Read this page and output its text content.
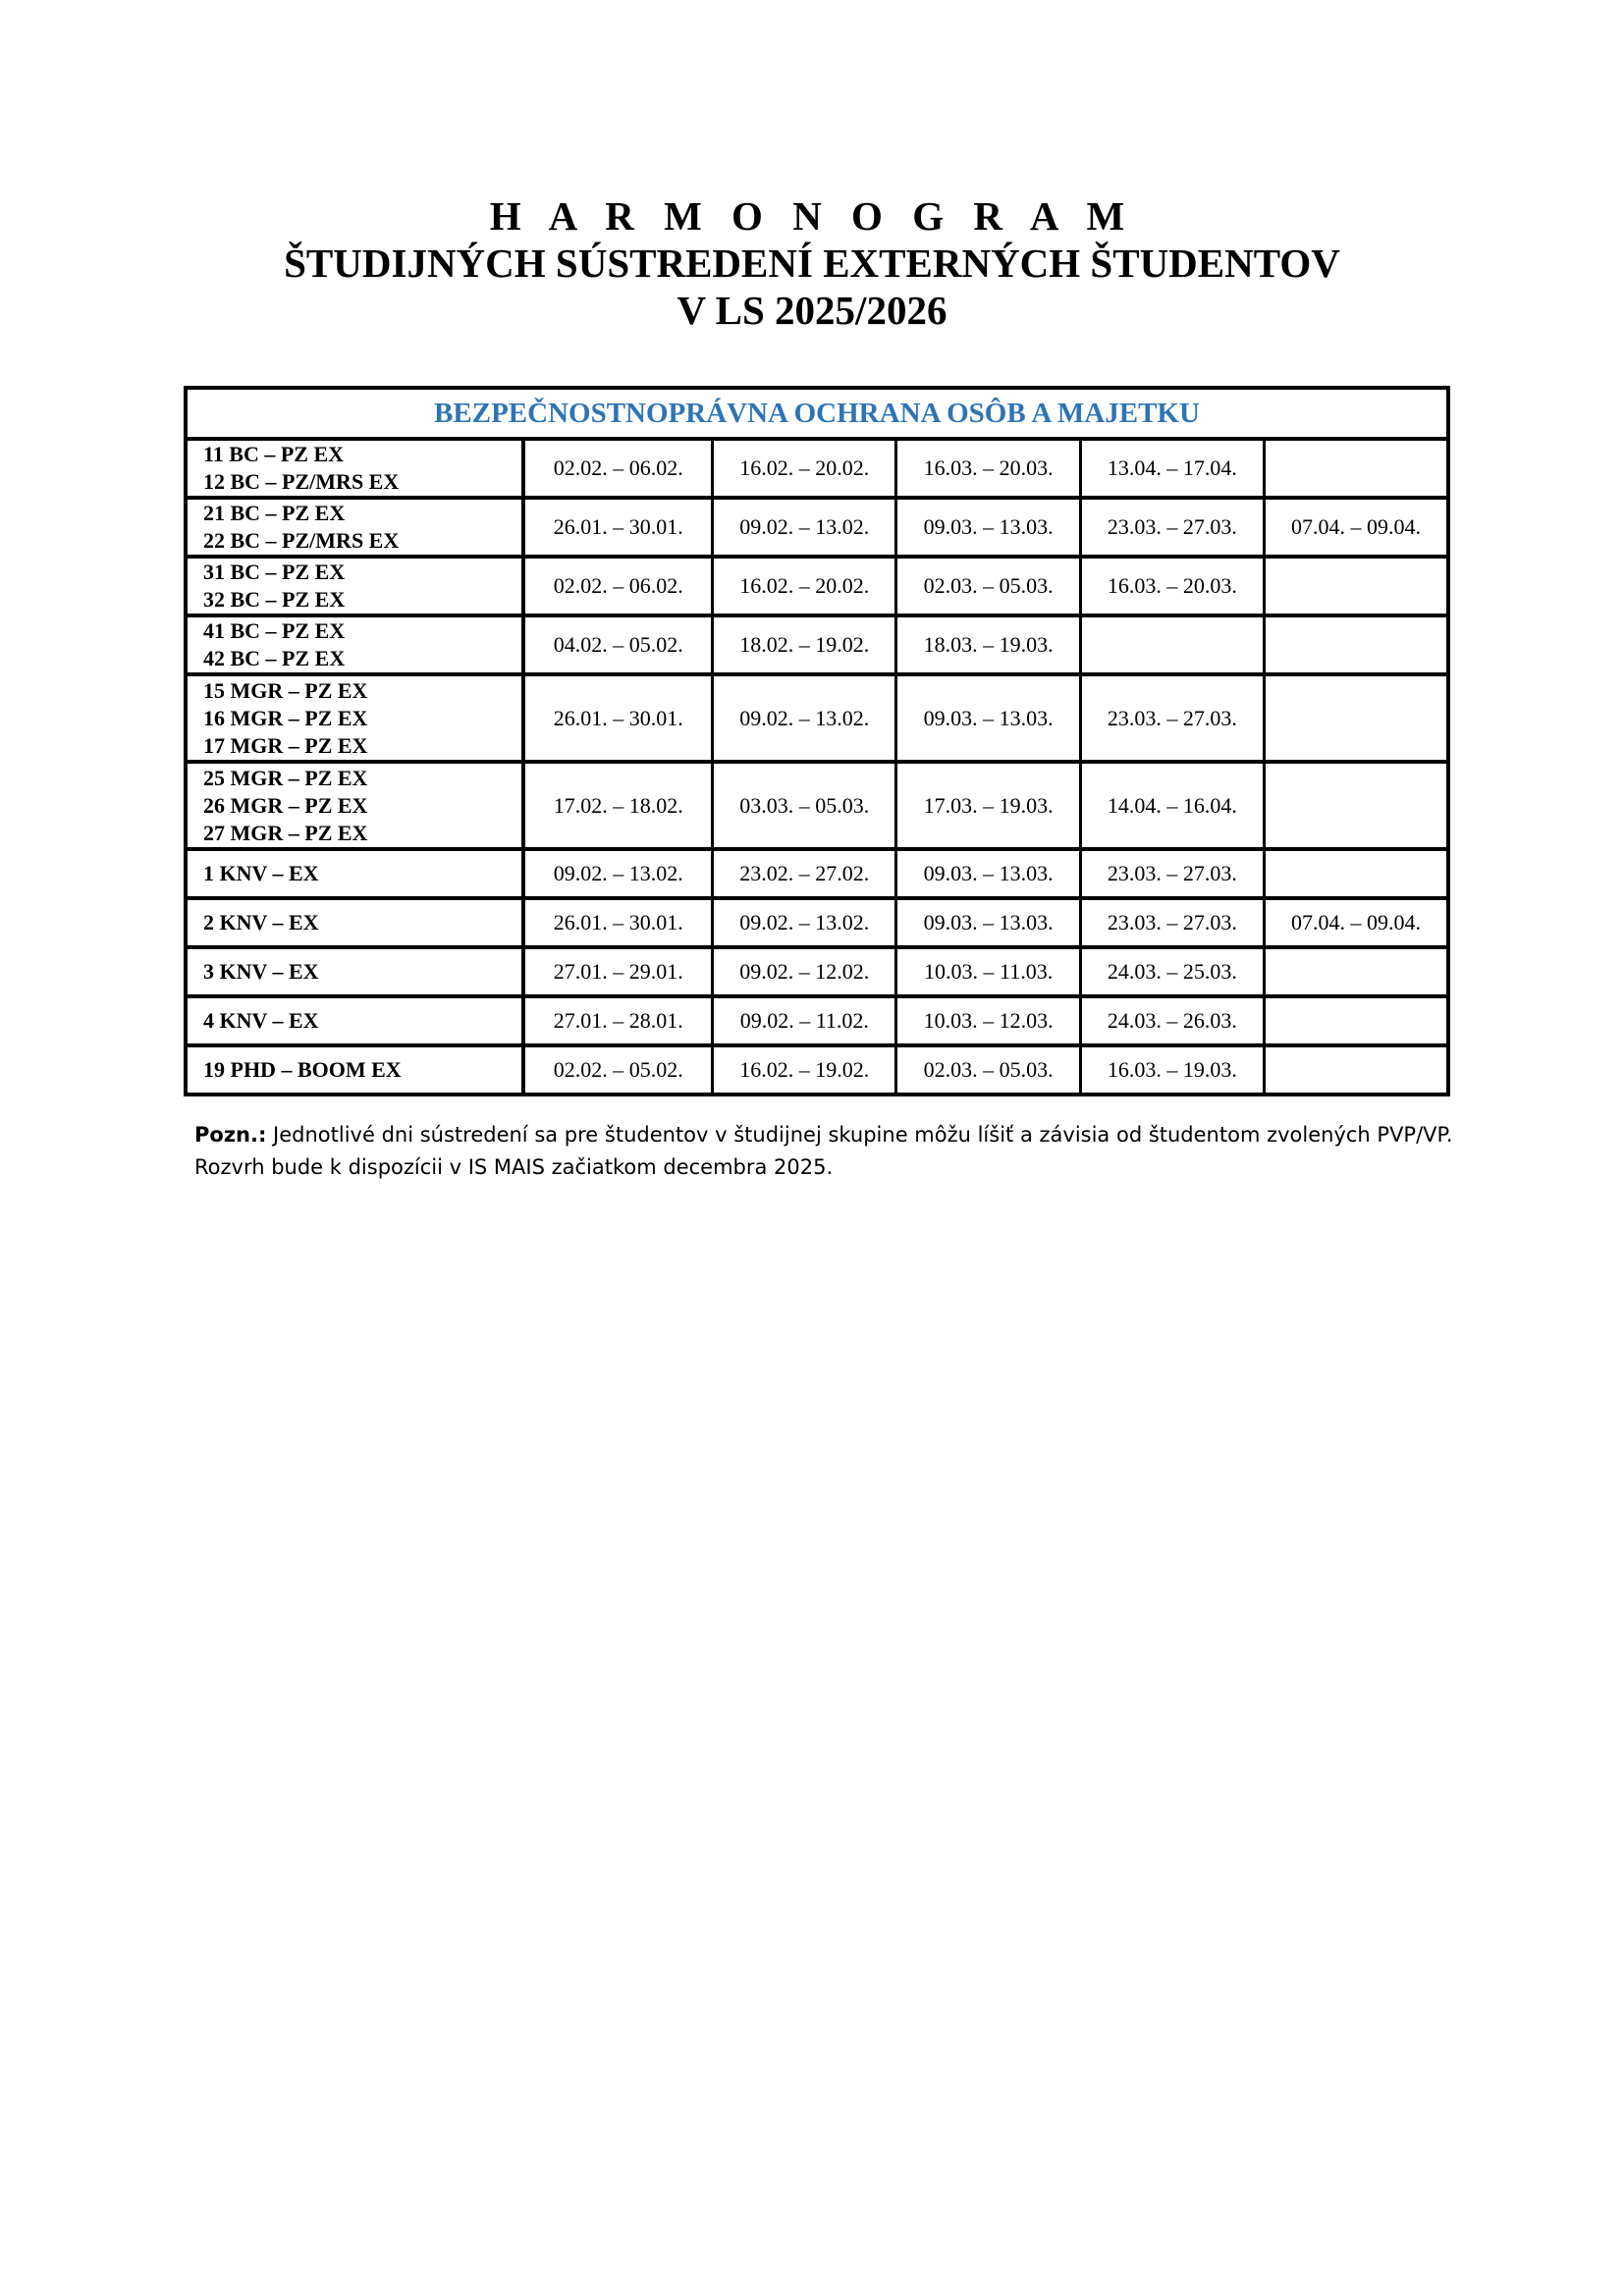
H A R M O N O G R A M
ŠTUDIJNÝCH SÚSTREDENÍ EXTERNÝCH ŠTUDENTOV
V LS 2025/2026
BEZPEČNOSTNOPRÁVNA OCHRANA OSÔB A MAJETKU					

11 BC – PZ EX
12 BC – PZ/MRS EX	02.02. – 06.02.	16.02. – 20.02.	16.03. – 20.03.	13.04. – 17.04.	

21 BC – PZ EX
22 BC – PZ/MRS EX	26.01. – 30.01.	09.02. – 13.02.	09.03. – 13.03.	23.03. – 27.03.	07.04. – 09.04.

31 BC – PZ EX
32 BC – PZ EX	02.02. – 06.02.	16.02. – 20.02.	02.03. – 05.03.	16.03. – 20.03.	

41 BC – PZ EX
42 BC – PZ EX	04.02. – 05.02.	18.02. – 19.02.	18.03. – 19.03.		

15 MGR – PZ EX
16 MGR – PZ EX
17 MGR – PZ EX	26.01. – 30.01.	09.02. – 13.02.	09.03. – 13.03.	23.03. – 27.03.	

25 MGR – PZ EX
26 MGR – PZ EX
27 MGR – PZ EX	17.02. – 18.02.	03.03. – 05.03.	17.03. – 19.03.	14.04. – 16.04.	

1 KNV – EX	09.02. – 13.02.	23.02. – 27.02.	09.03. – 13.03.	23.03. – 27.03.	

2 KNV – EX	26.01. – 30.01.	09.02. – 13.02.	09.03. – 13.03.	23.03. – 27.03.	07.04. – 09.04.

3 KNV – EX	27.01. – 29.01.	09.02. – 12.02.	10.03. – 11.03.	24.03. – 25.03.	

4 KNV – EX	27.01. – 28.01.	09.02. – 11.02.	10.03. – 12.03.	24.03. – 26.03.	

19 PHD – BOOM EX	02.02. – 05.02.	16.02. – 19.02.	02.03. – 05.03.	16.03. – 19.03.	
Pozn.: Jednotlivé dni sústredení sa pre študentov v študijnej skupine môžu líšiť a závisia od študentom zvolených PVP/VP. Rozvrh bude k dispozícii v IS MAIS začiatkom decembra 2025.
